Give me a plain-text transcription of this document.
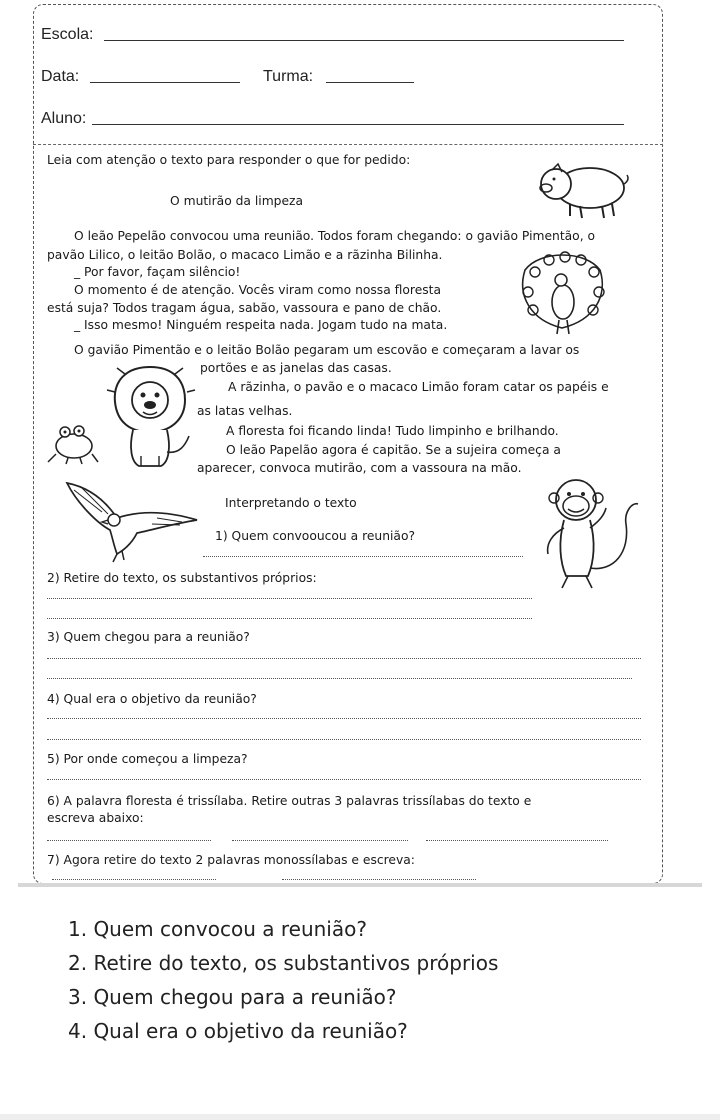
Escola:
Data:	Turma:
Aluno:
Leia com atenção o texto para responder o que for pedido:
O mutirão da limpeza
O leão Pepelão convocou uma reunião. Todos foram chegando: o gavião Pimentão, o
pavão Lilico, o leitão Bolão, o macaco Limão e a rãzinha Bilinha.
_ Por favor, façam silêncio!
O momento é de atenção. Vocês viram como nossa floresta
está suja? Todos tragam água, sabão, vassoura e pano de chão.
_ Isso mesmo! Ninguém respeita nada. Jogam tudo na mata.
O gavião Pimentão e o leitão Bolão pegaram um escovão e começaram a lavar os
portões e as janelas das casas.
A rãzinha, o pavão e o macaco Limão foram catar os papéis e
as latas velhas.
A floresta foi ficando linda! Tudo limpinho e brilhando.
O leão Papelão agora é capitão. Se a sujeira começa a
aparecer, convoca mutirão, com a vassoura na mão.
Interpretando o texto
1) Quem convooucou a reunião?
2) Retire do texto, os substantivos próprios:
3) Quem chegou para a reunião?
4) Qual era o objetivo da reunião?
5) Por onde começou a limpeza?
6) A palavra floresta é trissílaba. Retire outras 3 palavras trissílabas do texto e
escreva abaixo:
7) Agora retire do texto 2 palavras monossílabas e escreva:
1. Quem convocou a reunião?
2. Retire do texto, os substantivos próprios
3. Quem chegou para a reunião?
4. Qual era o objetivo da reunião?
